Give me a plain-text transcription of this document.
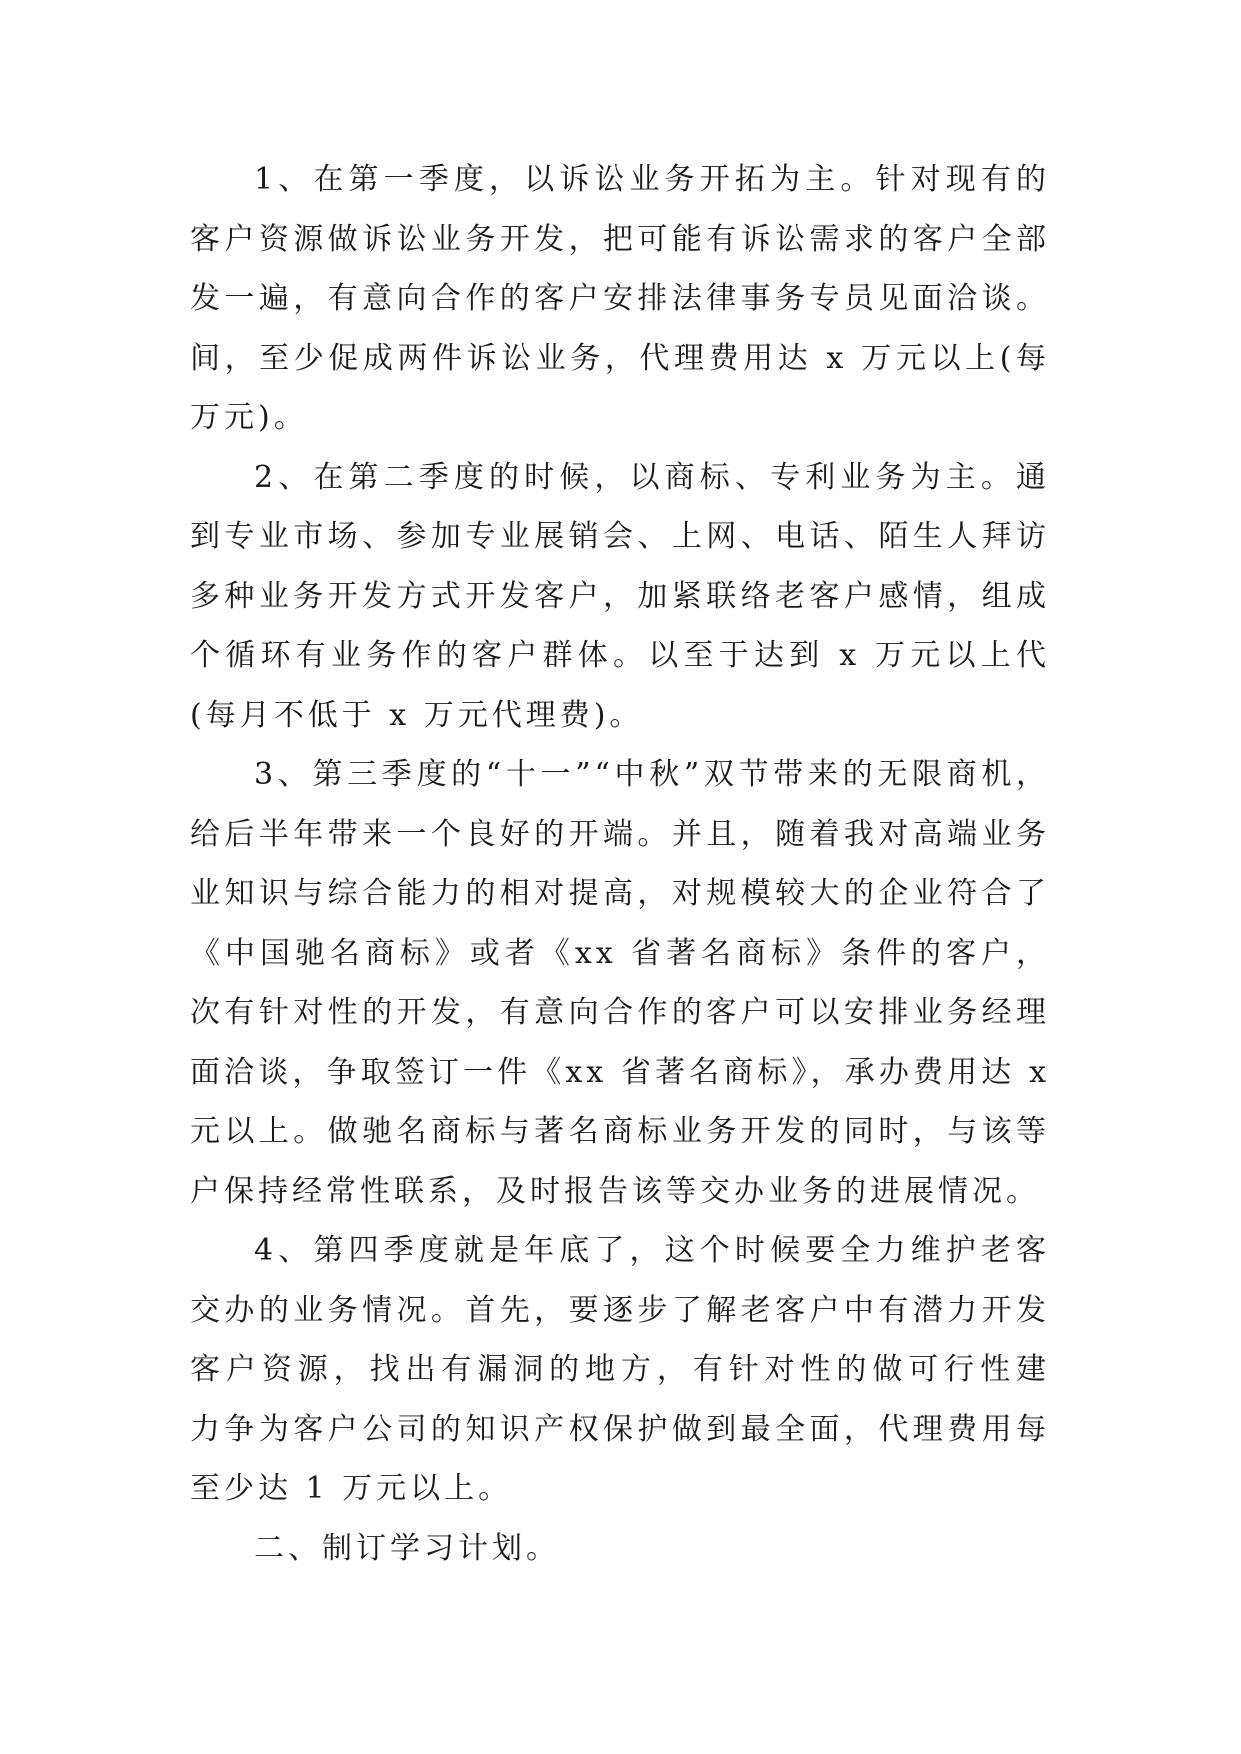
1、在第一季度，以诉讼业务开拓为主。针对现有的
客户资源做诉讼业务开发，把可能有诉讼需求的客户全部
发一遍，有意向合作的客户安排法律事务专员见面洽谈。
间，至少促成两件诉讼业务，代理费用达 x 万元以上(每
万元)。
2、在第二季度的时候，以商标、专利业务为主。通
到专业市场、参加专业展销会、上网、电话、陌生人拜访
多种业务开发方式开发客户，加紧联络老客户感情，组成
个循环有业务作的客户群体。以至于达到 x 万元以上代
(每月不低于 x 万元代理费)。
3、第三季度的“十一”“中秋”双节带来的无限商机，
给后半年带来一个良好的开端。并且，随着我对高端业务
业知识与综合能力的相对提高，对规模较大的企业符合了
《中国驰名商标》或者《xx 省著名商标》条件的客户，
次有针对性的开发，有意向合作的客户可以安排业务经理
面洽谈，争取签订一件《xx 省著名商标》，承办费用达 x
元以上。做驰名商标与著名商标业务开发的同时，与该等
户保持经常性联系，及时报告该等交办业务的进展情况。
4、第四季度就是年底了，这个时候要全力维护老客
交办的业务情况。首先，要逐步了解老客户中有潜力开发
客户资源，找出有漏洞的地方，有针对性的做可行性建
力争为客户公司的知识产权保护做到最全面，代理费用每
至少达 1 万元以上。
二、制订学习计划。
